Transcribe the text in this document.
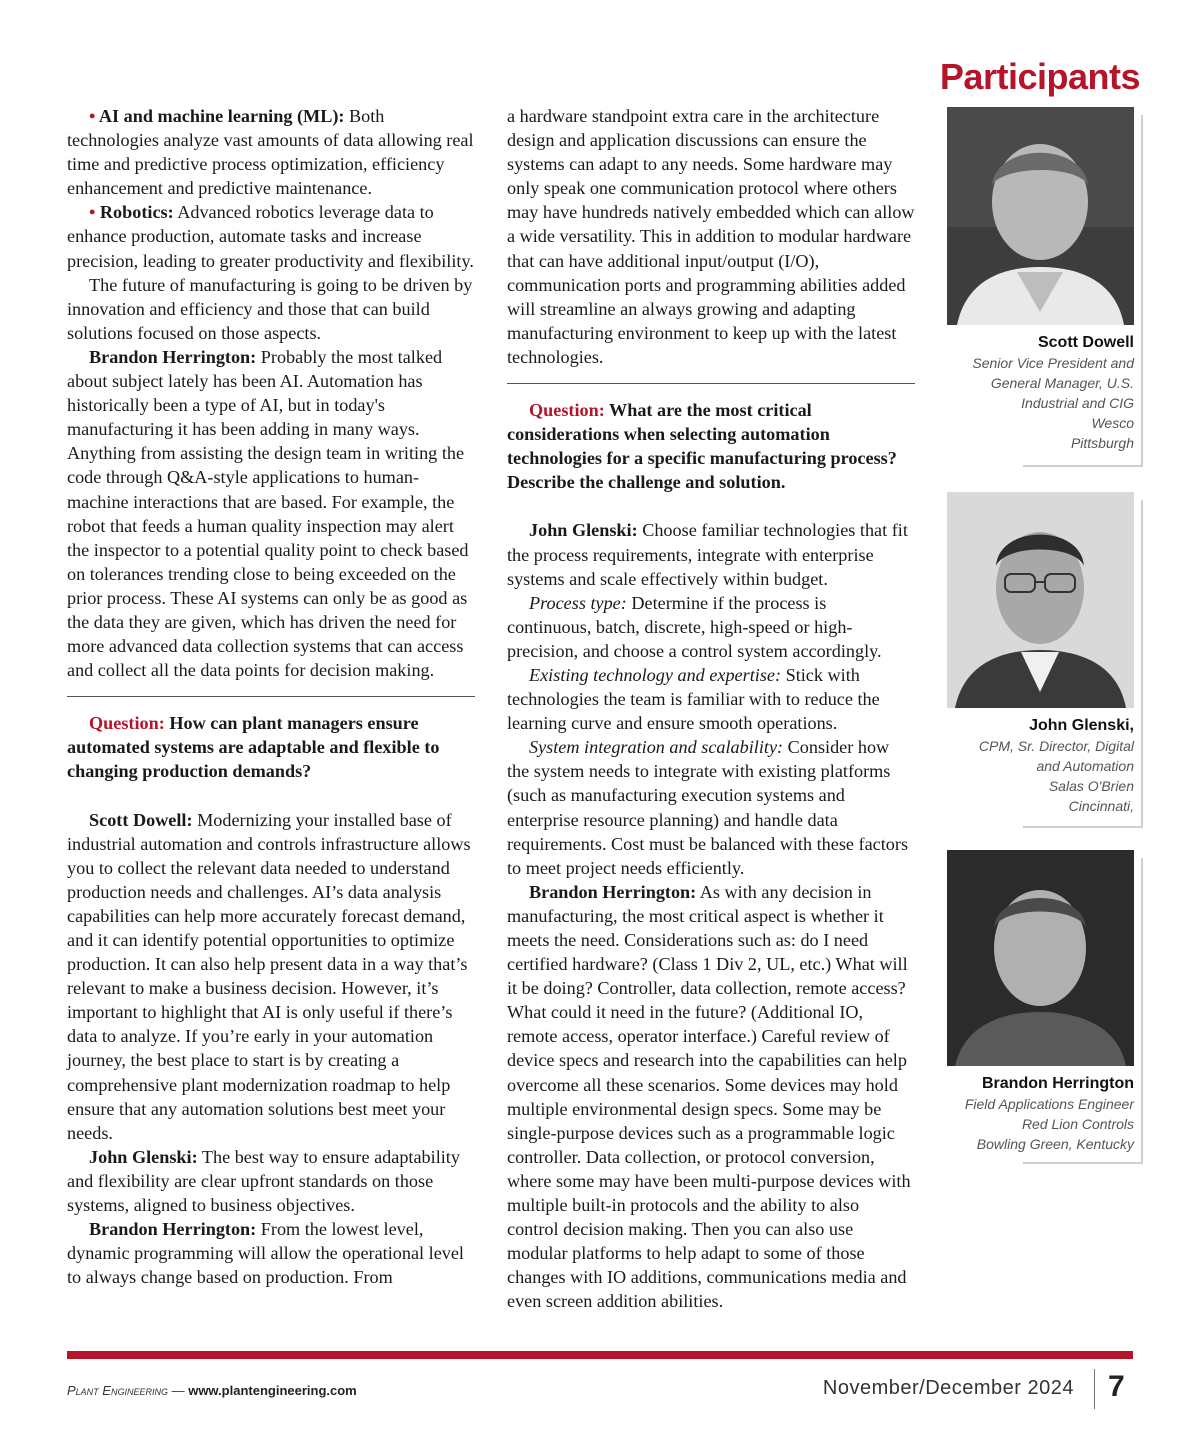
• AI and machine learning (ML): Both technologies analyze vast amounts of data allowing real time and predictive process optimization, efficiency enhancement and predictive maintenance.

• Robotics: Advanced robotics leverage data to enhance production, automate tasks and increase precision, leading to greater productivity and flexibility.

The future of manufacturing is going to be driven by innovation and efficiency and those that can build solutions focused on those aspects.

Brandon Herrington: Probably the most talked about subject lately has been AI. Automation has historically been a type of AI, but in today's manufacturing it has been adding in many ways. Anything from assisting the design team in writing the code through Q&A-style applications to human-machine interactions that are based. For example, the robot that feeds a human quality inspection may alert the inspector to a potential quality point to check based on tolerances trending close to being exceeded on the prior process. These AI systems can only be as good as the data they are given, which has driven the need for more advanced data collection systems that can access and collect all the data points for decision making.

Question: How can plant managers ensure automated systems are adaptable and flexible to changing production demands?

Scott Dowell: Modernizing your installed base of industrial automation and controls infrastructure allows you to collect the relevant data needed to understand production needs and challenges. AI’s data analysis capabilities can help more accurately forecast demand, and it can identify potential opportunities to optimize production. It can also help present data in a way that’s relevant to make a business decision. However, it’s important to highlight that AI is only useful if there’s data to analyze. If you’re early in your automation journey, the best place to start is by creating a comprehensive plant modernization roadmap to help ensure that any automation solutions best meet your needs.

John Glenski: The best way to ensure adaptability and flexibility are clear upfront standards on those systems, aligned to business objectives.

Brandon Herrington: From the lowest level, dynamic programming will allow the operational level to always change based on production. From

a hardware standpoint extra care in the architecture design and application discussions can ensure the systems can adapt to any needs. Some hardware may only speak one communication protocol where others may have hundreds natively embedded which can allow a wide versatility. This in addition to modular hardware that can have additional input/output (I/O), communication ports and programming abilities added will streamline an always growing and adapting manufacturing environment to keep up with the latest technologies.

Question: What are the most critical considerations when selecting automation technologies for a specific manufacturing process? Describe the challenge and solution.

John Glenski: Choose familiar technologies that fit the process requirements, integrate with enterprise systems and scale effectively within budget.

Process type: Determine if the process is continuous, batch, discrete, high-speed or high-precision, and choose a control system accordingly.

Existing technology and expertise: Stick with technologies the team is familiar with to reduce the learning curve and ensure smooth operations.

System integration and scalability: Consider how the system needs to integrate with existing platforms (such as manufacturing execution systems and enterprise resource planning) and handle data requirements. Cost must be balanced with these factors to meet project needs efficiently.

Brandon Herrington: As with any decision in manufacturing, the most critical aspect is whether it meets the need. Considerations such as: do I need certified hardware? (Class 1 Div 2, UL, etc.) What will it be doing? Controller, data collection, remote access? What could it need in the future? (Additional IO, remote access, operator interface.) Careful review of device specs and research into the capabilities can help overcome all these scenarios. Some devices may hold multiple environmental design specs. Some may be single-purpose devices such as a programmable logic controller. Data collection, or protocol conversion, where some may have been multi-purpose devices with multiple built-in protocols and the ability to also control decision making. Then you can also use modular platforms to help adapt to some of those changes with IO additions, communications media and even screen addition abilities.

Participants
Scott Dowell
Senior Vice President and
General Manager, U.S.
Industrial and CIG
Wesco
Pittsburgh
John Glenski,
CPM, Sr. Director, Digital
and Automation
Salas O'Brien
Cincinnati,
Brandon Herrington
Field Applications Engineer
Red Lion Controls
Bowling Green, Kentucky
Plant Engineering — www.plantengineering.com	November/December 2024 7
